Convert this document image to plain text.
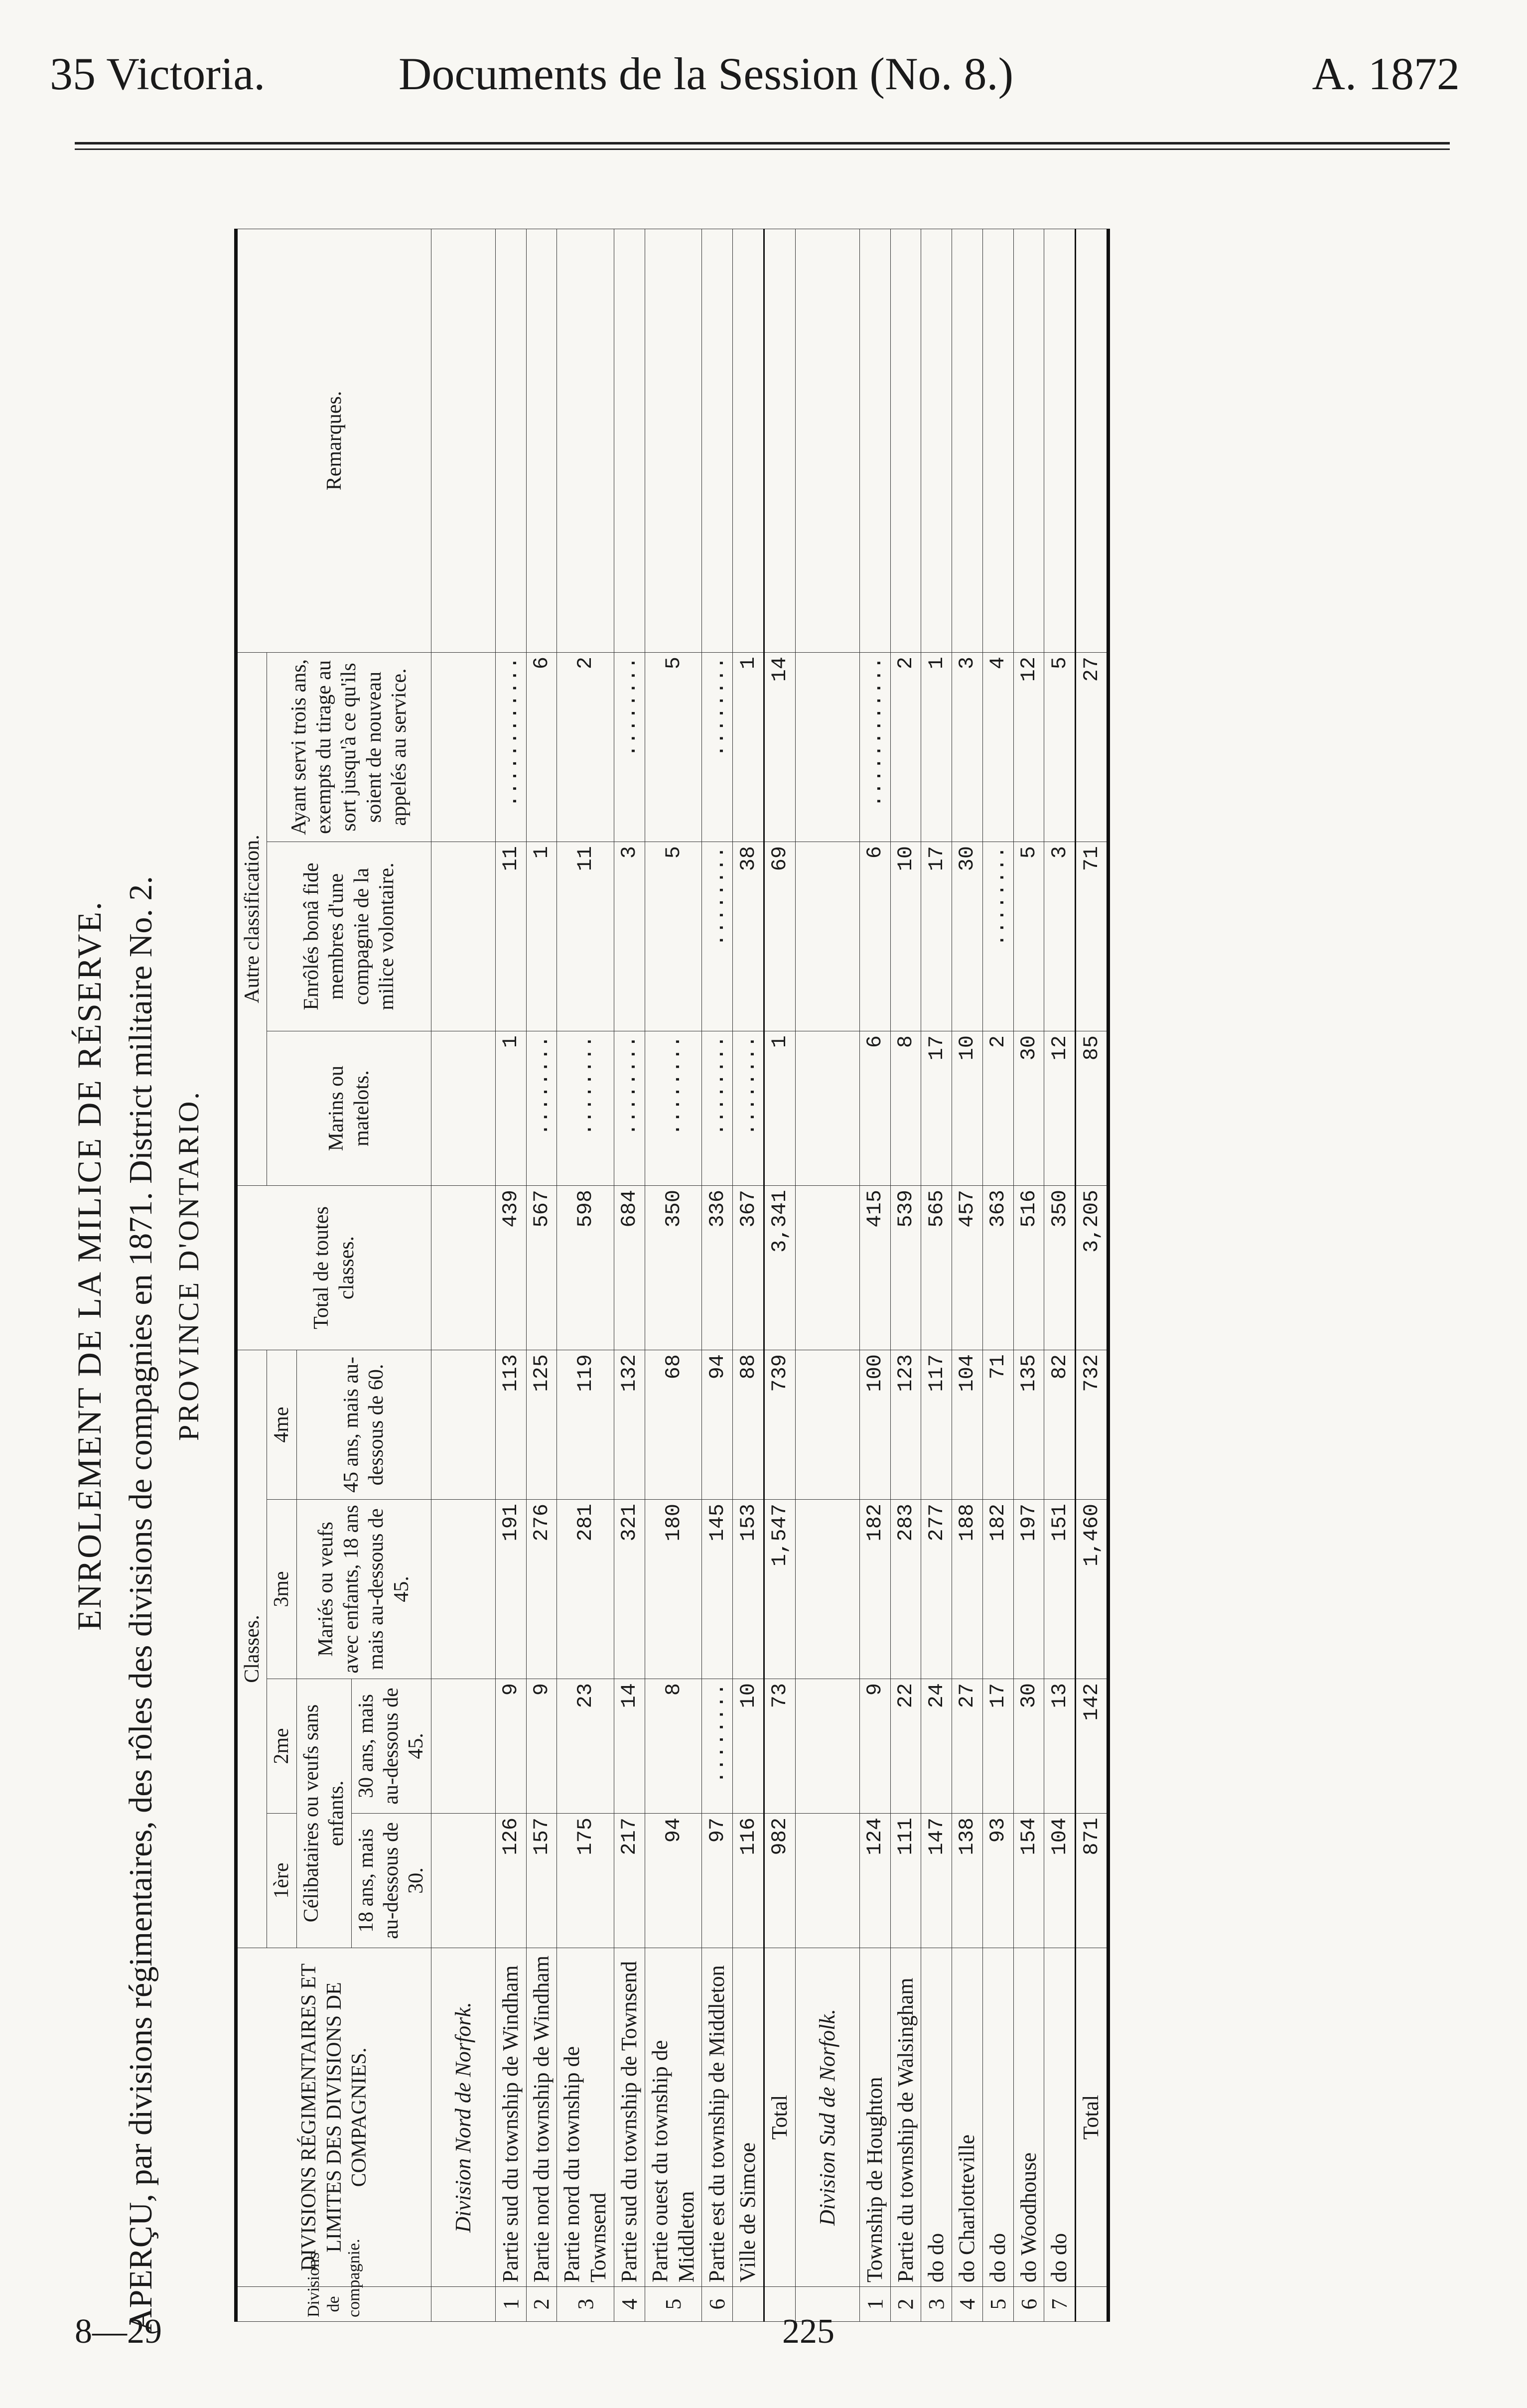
35 Victoria.	Documents de la Session (No. 8.)	A. 1872
ENROLEMENT DE LA MILICE DE RÉSERVE. APERÇU, par divisions régimentaires, des rôles des divisions de compagnies en 1871. District militaire No. 2. PROVINCE D'ONTARIO.
Divisions de compagnie.	DIVISIONS RÉGIMENTAIRES ET LIMITES DES DIVISIONS DE COMPAGNIES.	Classes.				Total de toutes classes.	Autre classification.			Remarques.
		1ère	2me	3me	4me		Marins ou matelots.	Enrôlés bonâ fide membres d'une compagnie de la milice volontaire.	Ayant servi trois ans, exempts du tirage au sort jusqu'à ce qu'ils soient de nouveau appelés au service.	
		Célibataires ou veufs sans enfants.		Mariés ou veufs avec enfants, 18 ans mais au-dessous de 45.	45 ans, mais au-dessous de 60.					
		18 ans, mais au-dessous de 30.	30 ans, mais au-dessous de 45.							
	Division Nord de Norfork.									
1	Partie sud du township de Windham	126	9	191	113	439	1	11	............	
2	Partie nord du township de Windham	157	9	276	125	567	........	1	6	
3	Partie nord du township de Townsend	175	23	281	119	598	........	11	2	
4	Partie sud du township de Townsend	217	14	321	132	684	........	3	........	
5	Partie ouest du township de Middleton	94	8	180	68	350	........	5	5	
6	Partie est du township de Middleton	97	........	145	94	336	........	........	........	
	Ville de Simcoe	116	10	153	88	367	........	38	1	
	Total	982	73	1,547	739	3,341	1	69	14	
	Division Sud de Norfolk.									
1	Township de Houghton	124	9	182	100	415	6	6	............	
2	Partie du township de Walsingham	111	22	283	123	539	8	10	2	
3	do do	147	24	277	117	565	17	17	1	
4	do Charlotteville	138	27	188	104	457	10	30	3	
5	do do	93	17	182	71	363	2	........	4	
6	do Woodhouse	154	30	197	135	516	30	5	12	
7	do do	104	13	151	82	350	12	3	5	
	Total	871	142	1,460	732	3,205	85	71	27	
8—29	225
